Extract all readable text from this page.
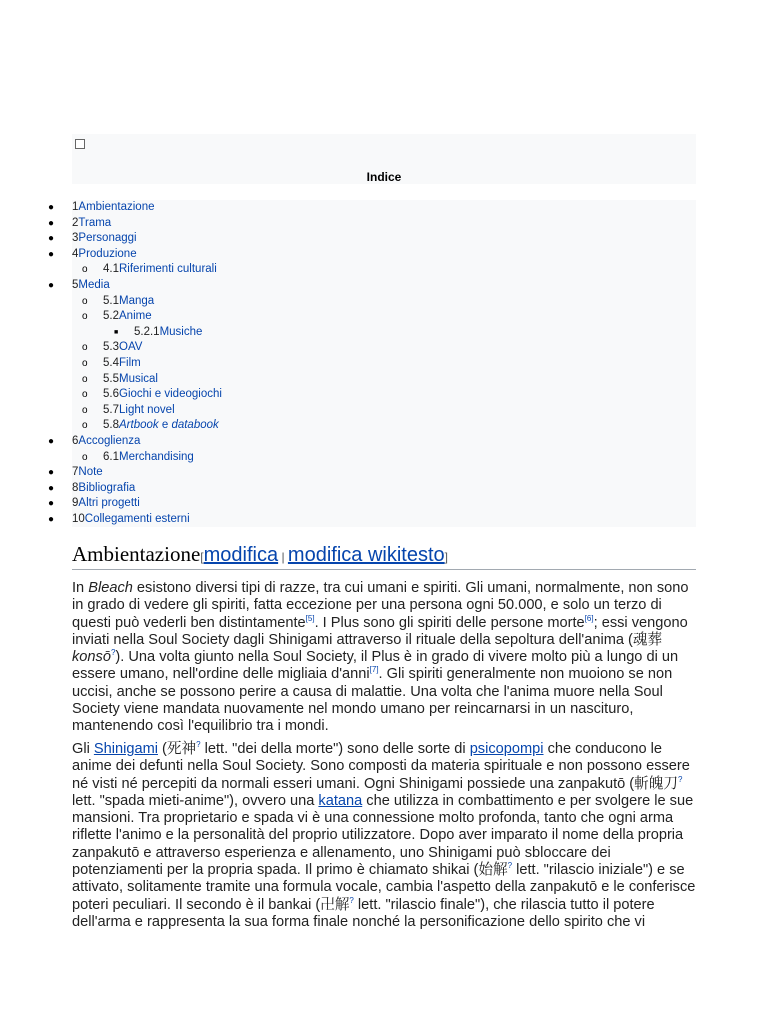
Indice
● 1Ambientazione
● 2Trama
● 3Personaggi
● 4Produzione
o 4.1Riferimenti culturali
● 5Media
o 5.1Manga
o 5.2Anime
■ 5.2.1Musiche
o 5.3OAV
o 5.4Film
o 5.5Musical
o 5.6Giochi e videogiochi
o 5.7Light novel
o 5.8Artbook e databook
● 6Accoglienza
o 6.1Merchandising
● 7Note
● 8Bibliografia
● 9Altri progetti
● 10Collegamenti esterni
Ambientazione[modifica | modifica wikitesto]

In Bleach esistono diversi tipi di razze, tra cui umani e spiriti. Gli umani, normalmente, non sono in grado di vedere gli spiriti, fatta eccezione per una persona ogni 50.000, e solo un terzo di questi può vederli ben distintamente[5]. I Plus sono gli spiriti delle persone morte[6]; essi vengono inviati nella Soul Society dagli Shinigami attraverso il rituale della sepoltura dell'anima (魂葬 konsō?). Una volta giunto nella Soul Society, il Plus è in grado di vivere molto più a lungo di un essere umano, nell'ordine delle migliaia d'anni[7]. Gli spiriti generalmente non muoiono se non uccisi, anche se possono perire a causa di malattie. Una volta che l'anima muore nella Soul Society viene mandata nuovamente nel mondo umano per reincarnarsi in un nascituro, mantenendo così l'equilibrio tra i mondi.

Gli Shinigami (死神? lett. "dei della morte") sono delle sorte di psicopompi che conducono le anime dei defunti nella Soul Society. Sono composti da materia spirituale e non possono essere né visti né percepiti da normali esseri umani. Ogni Shinigami possiede una zanpakutō (斬魄刀? lett. "spada mieti-anime"), ovvero una katana che utilizza in combattimento e per svolgere le sue mansioni. Tra proprietario e spada vi è una connessione molto profonda, tanto che ogni arma riflette l'animo e la personalità del proprio utilizzatore. Dopo aver imparato il nome della propria zanpakutō e attraverso esperienza e allenamento, uno Shinigami può sbloccare dei potenziamenti per la propria spada. Il primo è chiamato shikai (始解? lett. "rilascio iniziale") e se attivato, solitamente tramite una formula vocale, cambia l'aspetto della zanpakutō e le conferisce poteri peculiari. Il secondo è il bankai (卍解? lett. "rilascio finale"), che rilascia tutto il potere dell'arma e rappresenta la sua forma finale nonché la personificazione dello spirito che vi
